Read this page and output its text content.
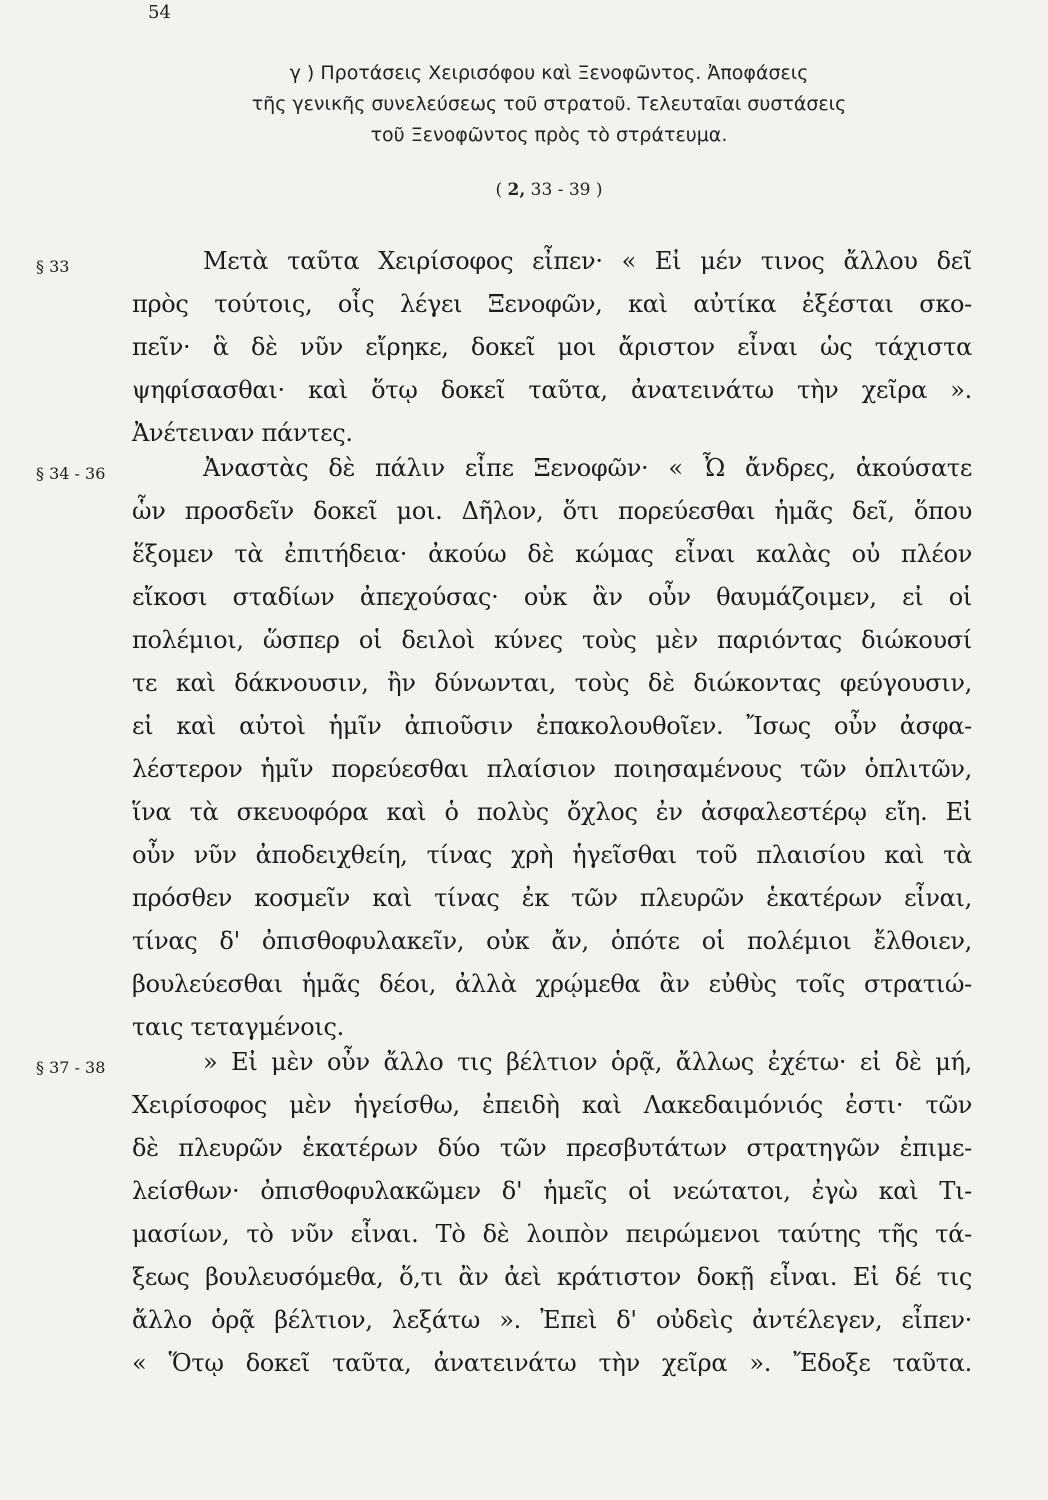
54
γ ) Προτάσεις Χειρισόφου καὶ Ξενοφῶντος. Ἀποφάσεις
τῆς γενικῆς συνελεύσεως τοῦ στρατοῦ. Τελευταῖαι συστάσεις
τοῦ Ξενοφῶντος πρὸς τὸ στράτευμα.
( 2, 33 - 39 )
§ 33	Μετὰ ταῦτα Χειρίσοφος εἶπεν· « Εἰ μέν τινος ἄλλου δεῖ
πρὸς τούτοις, οἷς λέγει Ξενοφῶν, καὶ αὐτίκα ἐξέσται σκο-
πεῖν· ἃ δὲ νῦν εἴρηκε, δοκεῖ μοι ἄριστον εἶναι ὡς τάχιστα
ψηφίσασθαι· καὶ ὅτῳ δοκεῖ ταῦτα, ἀνατεινάτω τὴν χεῖρα ».
Ἀνέτειναν πάντες.
§ 34 - 36	Ἀναστὰς δὲ πάλιν εἶπε Ξενοφῶν· « Ὦ ἄνδρες, ἀκούσατε
ὧν προσδεῖν δοκεῖ μοι. Δῆλον, ὅτι πορεύεσθαι ἡμᾶς δεῖ, ὅπου
ἕξομεν τὰ ἐπιτήδεια· ἀκούω δὲ κώμας εἶναι καλὰς οὐ πλέον
εἴκοσι σταδίων ἀπεχούσας· οὐκ ἂν οὖν θαυμάζοιμεν, εἰ οἱ
πολέμιοι, ὥσπερ οἱ δειλοὶ κύνες τοὺς μὲν παριόντας διώκουσί
τε καὶ δάκνουσιν, ἢν δύνωνται, τοὺς δὲ διώκοντας φεύγουσιν,
εἰ καὶ αὐτοὶ ἡμῖν ἀπιοῦσιν ἐπακολουθοῖεν. Ἴσως οὖν ἀσφα-
λέστερον ἡμῖν πορεύεσθαι πλαίσιον ποιησαμένους τῶν ὁπλιτῶν,
ἵνα τὰ σκευοφόρα καὶ ὁ πολὺς ὄχλος ἐν ἀσφαλεστέρῳ εἴη. Εἰ
οὖν νῦν ἀποδειχθείη, τίνας χρὴ ἡγεῖσθαι τοῦ πλαισίου καὶ τὰ
πρόσθεν κοσμεῖν καὶ τίνας ἐκ τῶν πλευρῶν ἑκατέρων εἶναι,
τίνας δ' ὀπισθοφυλακεῖν, οὐκ ἄν, ὁπότε οἱ πολέμιοι ἔλθοιεν,
βουλεύεσθαι ἡμᾶς δέοι, ἀλλὰ χρῴμεθα ἂν εὐθὺς τοῖς στρατιώ-
ταις τεταγμένοις.
§ 37 - 38	» Εἰ μὲν οὖν ἄλλο τις βέλτιον ὁρᾷ, ἄλλως ἐχέτω· εἰ δὲ μή,
Χειρίσοφος μὲν ἡγείσθω, ἐπειδὴ καὶ Λακεδαιμόνιός ἐστι· τῶν
δὲ πλευρῶν ἑκατέρων δύο τῶν πρεσβυτάτων στρατηγῶν ἐπιμε-
λείσθων· ὀπισθοφυλακῶμεν δ' ἡμεῖς οἱ νεώτατοι, ἐγὼ καὶ Τι-
μασίων, τὸ νῦν εἶναι. Τὸ δὲ λοιπὸν πειρώμενοι ταύτης τῆς τά-
ξεως βουλευσόμεθα, ὅ,τι ἂν ἀεὶ κράτιστον δοκῇ εἶναι. Εἰ δέ τις
ἄλλο ὁρᾷ βέλτιον, λεξάτω ». Ἐπεὶ δ' οὐδεὶς ἀντέλεγεν, εἶπεν·
« Ὅτῳ δοκεῖ ταῦτα, ἀνατεινάτω τὴν χεῖρα ». Ἔδοξε ταῦτα.
